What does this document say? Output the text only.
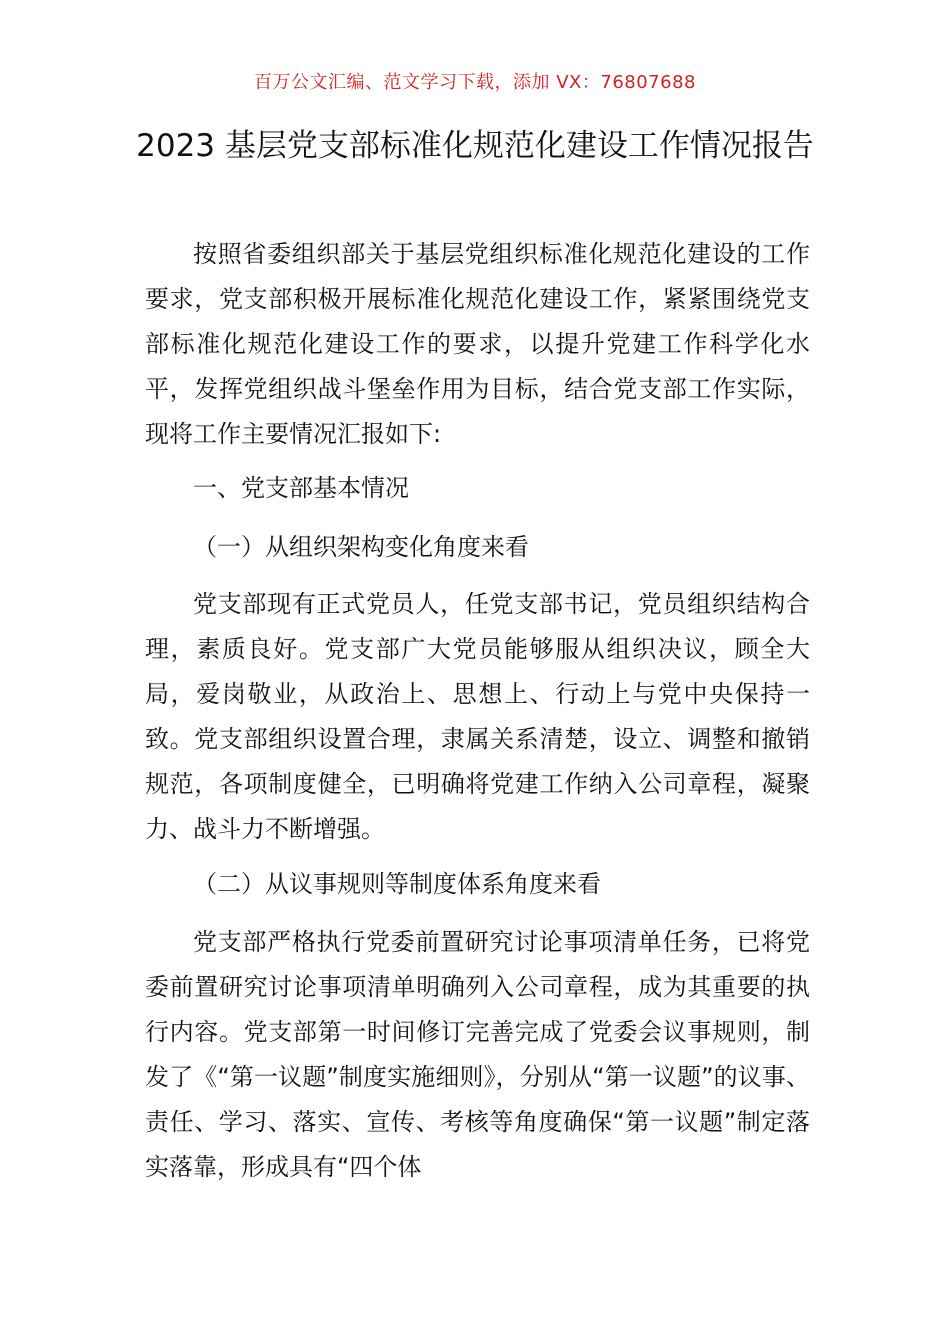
百万公文汇编、范文学习下载，添加 VX：76807688
2023 基层党支部标准化规范化建设工作情况报告

按照省委组织部关于基层党组织标准化规范化建设的工作要求，党支部积极开展标准化规范化建设工作，紧紧围绕党支部标准化规范化建设工作的要求，以提升党建工作科学化水平，发挥党组织战斗堡垒作用为目标，结合党支部工作实际，现将工作主要情况汇报如下:

一、党支部基本情况

（一）从组织架构变化角度来看

党支部现有正式党员人，任党支部书记，党员组织结构合理，素质良好。党支部广大党员能够服从组织决议，顾全大局，爱岗敬业，从政治上、思想上、行动上与党中央保持一致。党支部组织设置合理，隶属关系清楚，设立、调整和撤销规范，各项制度健全，已明确将党建工作纳入公司章程，凝聚力、战斗力不断增强。

（二）从议事规则等制度体系角度来看

党支部严格执行党委前置研究讨论事项清单任务，已将党委前置研究讨论事项清单明确列入公司章程，成为其重要的执行内容。党支部第一时间修订完善完成了党委会议事规则，制发了《“第一议题”制度实施细则》，分别从“第一议题”的议事、责任、学习、落实、宣传、考核等角度确保“第一议题”制定落实落靠，形成具有“四个体
